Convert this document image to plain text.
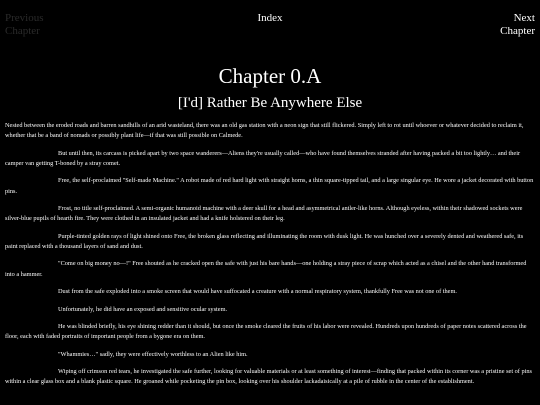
Previous Chapter
Index	Next Chapter
Chapter 0.A
[I'd] Rather Be Anywhere Else

Nested between the eroded roads and barren sandhills of an arid wasteland, there was an old gas station with a neon sign that still flickered. Simply left to rot until whoever or whatever decided to reclaim it, whether that be a band of nomads or possibly plant life—if that was still possible on Calmede.

But until then, its carcass is picked apart by two space wanderers—Aliens they're usually called—who have found themselves stranded after having packed a bit too lightly… and their camper van getting T-boned by a stray comet.

Free, the self-proclaimed "Self-made Machine." A robot made of red hard light with straight horns, a thin square-tipped tail, and a large singular eye. He wore a jacket decorated with button pins.

Frost, no title self-proclaimed. A semi-organic humanoid machine with a deer skull for a head and asymmetrical antler-like horns. Although eyeless, within their shadowed sockets were silver-blue pupils of hearth fire. They were clothed in an insulated jacket and had a knife holstered on their leg.

Purple-tinted golden rays of light shined onto Free, the broken glass reflecting and illuminating the room with dusk light. He was hunched over a severely dented and weathered safe, its paint replaced with a thousand layers of sand and dust.

"Come on big money no—!" Free shouted as he cracked open the safe with just his bare hands—one holding a stray piece of scrap which acted as a chisel and the other hand transformed into a hammer.

Dust from the safe exploded into a smoke screen that would have suffocated a creature with a normal respiratory system, thankfully Free was not one of them.

Unfortunately, he did have an exposed and sensitive ocular system.

He was blinded briefly, his eye shining redder than it should, but once the smoke cleared the fruits of his labor were revealed. Hundreds upon hundreds of paper notes scattered across the floor, each with faded portraits of important people from a bygone era on them.

"Whammies…" sadly, they were effectively worthless to an Alien like him.

Wiping off crimson red tears, he investigated the safe further, looking for valuable materials or at least something of interest—finding that packed within its corner was a pristine set of pins within a clear glass box and a blank plastic square. He groaned while pocketing the pin box, looking over his shoulder lackadaisically at a pile of rubble in the center of the establishment.
